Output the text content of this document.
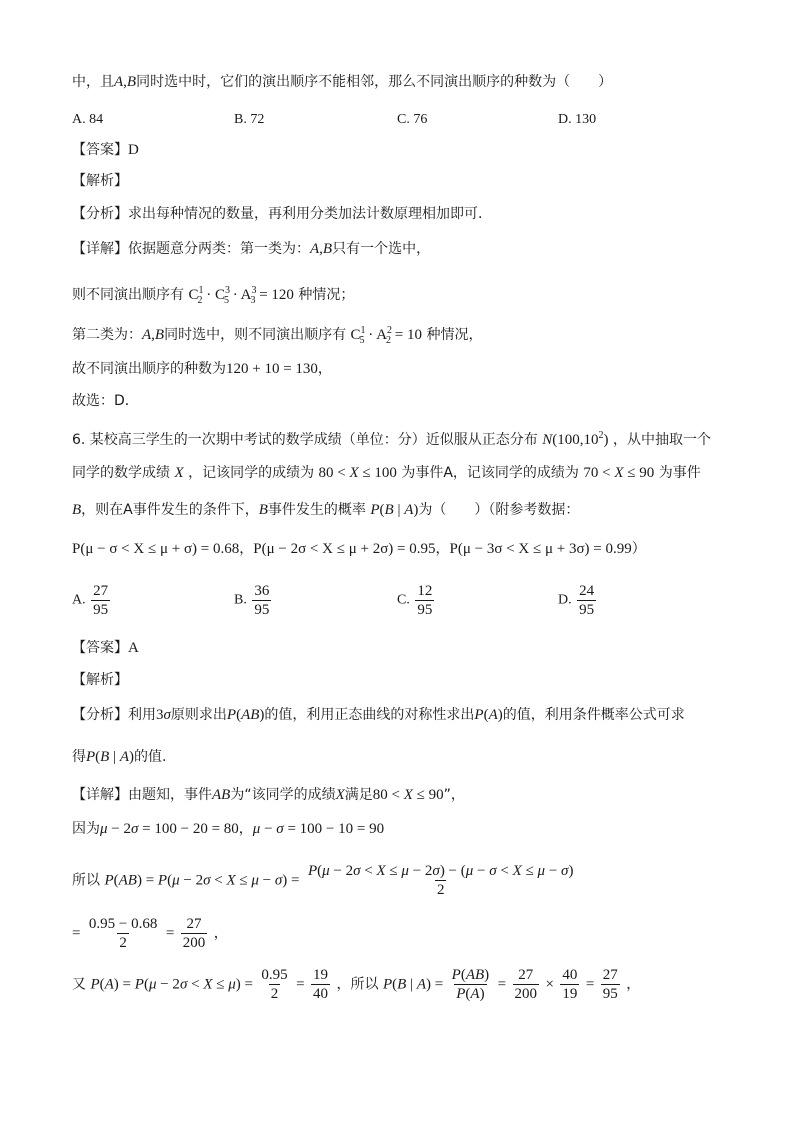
中，且A,B同时选中时，它们的演出顺序不能相邻，那么不同演出顺序的种数为（　　）
A. 84	B. 72	C. 76	D. 130
【答案】D
【解析】
【分析】求出每种情况的数量，再利用分类加法计数原理相加即可.
【详解】依据题意分两类：第一类为：A,B只有一个选中，
则不同演出顺序有 $C^1_2 \cdot C^3_5 \cdot A^3_3 = 120$ 种情况；
第二类为：A,B同时选中，则不同演出顺序有 $C^1_5 \cdot A^2_2 = 10$ 种情况，
故不同演出顺序的种数为120 + 10 = 130，
故选：D．
6. 某校高三学生的一次期中考试的数学成绩（单位：分）近似服从正态分布 N(100,10$^2$) ，从中抽取一个
同学的数学成绩 X ，记该同学的成绩为 80 < X ≤ 100 为事件A，记该同学的成绩为 70 < X ≤ 90 为事件
B，则在A事件发生的条件下，B事件发生的概率 P(B | A)为（　　）（附参考数据：
P(μ − σ < X ≤ μ + σ) = 0.68，P(μ − 2σ < X ≤ μ + 2σ) = 0.95，P(μ − 3σ < X ≤ μ + 3σ) = 0.99）
A. $\frac{27}{95}$	B. $\frac{36}{95}$	C. $\frac{12}{95}$	D. $\frac{24}{95}$
【答案】A
【解析】
【分析】利用3σ原则求出P(AB)的值，利用正态曲线的对称性求出P(A)的值，利用条件概率公式可求
得P(B | A)的值.
【详解】由题知，事件AB为“该同学的成绩X满足80 < X ≤ 90”，
因为μ − 2σ = 100 − 20 = 80，μ − σ = 100 − 10 = 90
所以 $P(AB) = P(\mu - 2\sigma < X \le \mu - \sigma) = \frac{P(\mu - 2\sigma < X \le \mu - 2\sigma) - (\mu - \sigma < X \le \mu - \sigma)}{2}$
= $\frac{0.95 - 0.68}{2} = \frac{27}{200}$ ，
又 $P(A) = P(\mu - 2\sigma < X \le \mu) = \frac{0.95}{2} = \frac{19}{40}$ ，所以 P(B | $A) = \frac{P(AB)}{P(A)} = \frac{27}{200} \times \frac{40}{19} = \frac{27}{95}$ ，
